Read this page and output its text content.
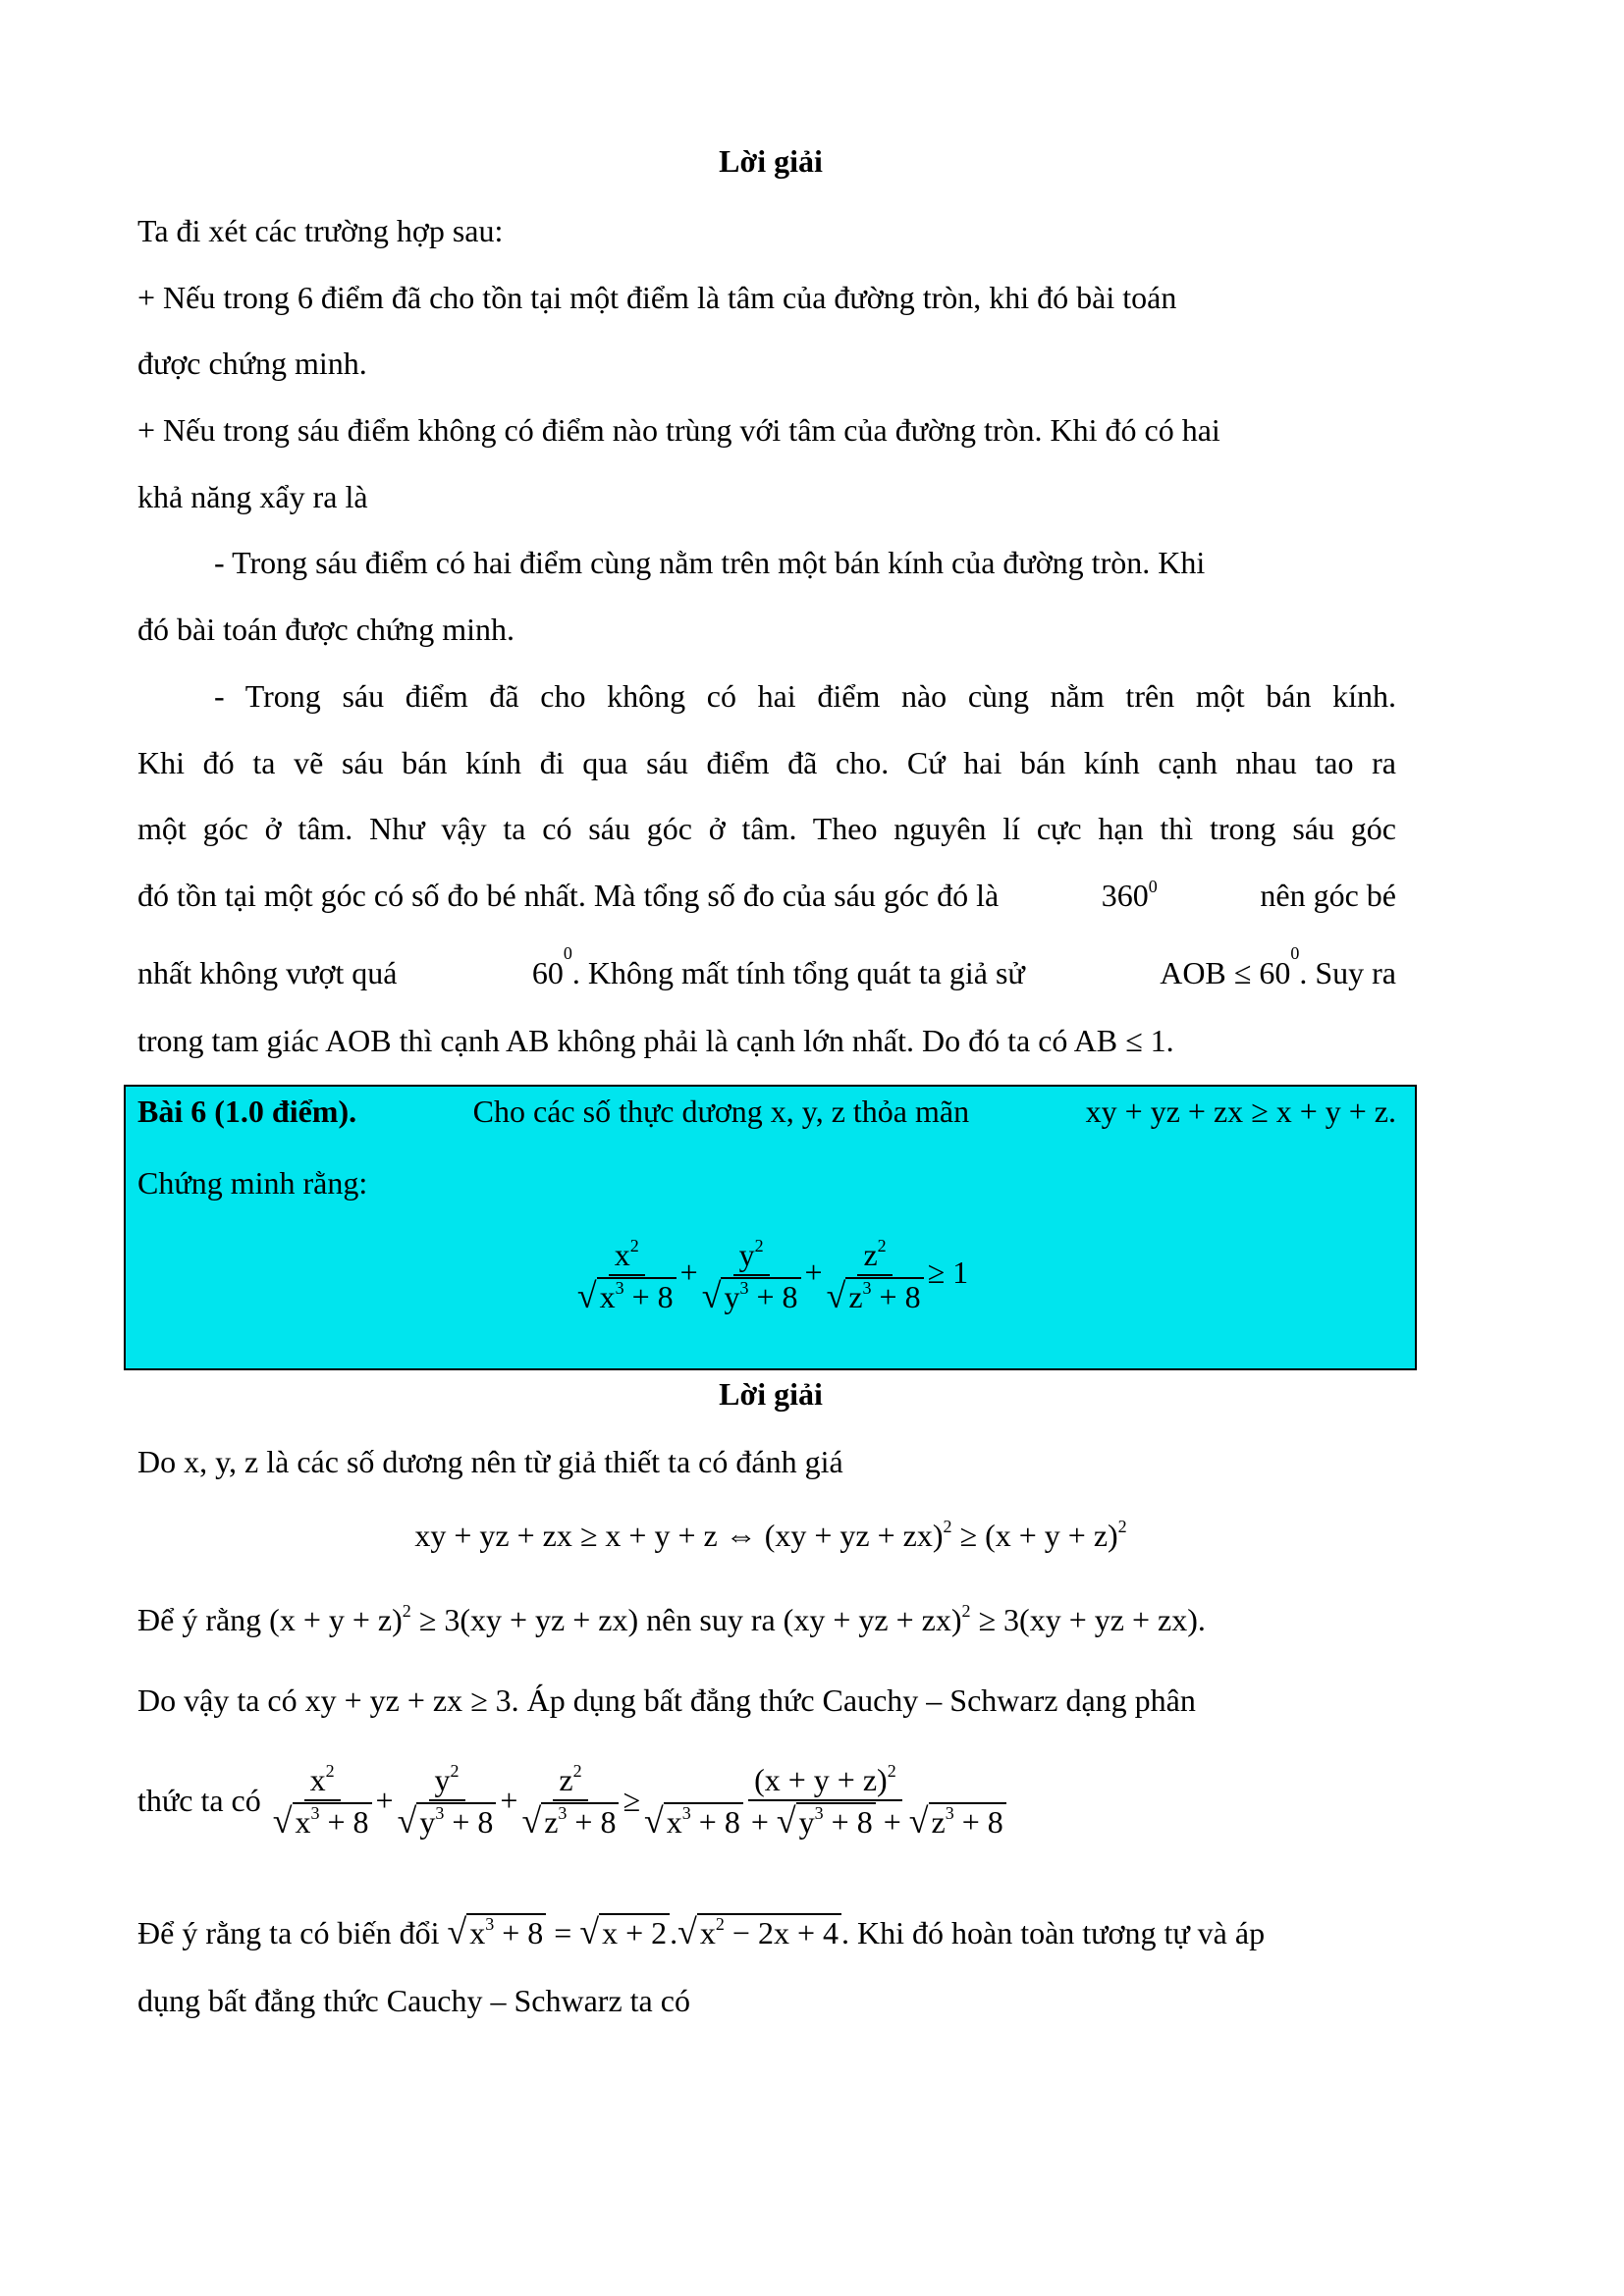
Lời giải
Ta đi xét các trường hợp sau:
+ Nếu trong 6 điểm đã cho tồn tại một điểm là tâm của đường tròn, khi đó bài toán
được chứng minh.
+ Nếu trong sáu điểm không có điểm nào trùng với tâm của đường tròn. Khi đó có hai
khả năng xẩy ra là
- Trong sáu điểm có hai điểm cùng nằm trên một bán kính của đường tròn. Khi
đó bài toán được chứng minh.
- Trong sáu điểm đã cho không có hai điểm nào cùng nằm trên một bán kính.
Khi đó ta vẽ sáu bán kính đi qua sáu điểm đã cho. Cứ hai bán kính cạnh nhau tao ra
một góc ở tâm. Như vậy ta có sáu góc ở tâm. Theo nguyên lí cực hạn thì trong sáu góc
đó tồn tại một góc có số đo bé nhất. Mà tổng số đo của sáu góc đó là	$360^0$	nên góc bé
nhất không vượt quá	60
0
. Không mất tính tổng quát ta giả sử	AOB ≤ 60
0
. Suy ra
trong tam giác AOB thì cạnh AB không phải là cạnh lớn nhất. Do đó ta có AB ≤ 1.
Bài 6 (1.0 điểm).	Cho các số thực dương x, y, z thỏa mãn	xy + yz + zx ≥ x + y + z .
Chứng minh rằng:
$\frac{x^2}{√x^3 + 8} + \frac{y^2}{√y^3 + 8} + \frac{z^2}{√z^3 + 8} \ge 1$
Lời giải
Do x, y, z là các số dương nên từ giả thiết ta có đánh giá
xy + yz + zx ≥ x + y + z ⇔ (xy + yz + $zx)^2 \ge (x + y + z)^2$
Để ý rằng $(x + y + z)^2 \ge 3(xy$ + yz + zx) nên suy ra (xy + yz + zx)$^2$ ≥ 3(xy + yz + zx).
Do vậy ta có xy + yz + zx ≥ 3. Áp dụng bất đẳng thức Cauchy – Schwarz dạng phân
thức ta có $\frac{x^2}{√x^3 + 8} + \frac{y^2}{√y^3 + 8} + \frac{z^2}{√z^3 + 8} \ge \frac{(x + y + z)^2}{√x^3 + 8 + √y^3 + 8 + √z^3 + 8}$
Để ý rằng ta có biến đổi $√x^3 + 8 = √x + 2.√x^2 - 2x + 4$. Khi đó hoàn toàn tương tự và áp
dụng bất đẳng thức Cauchy – Schwarz ta có
